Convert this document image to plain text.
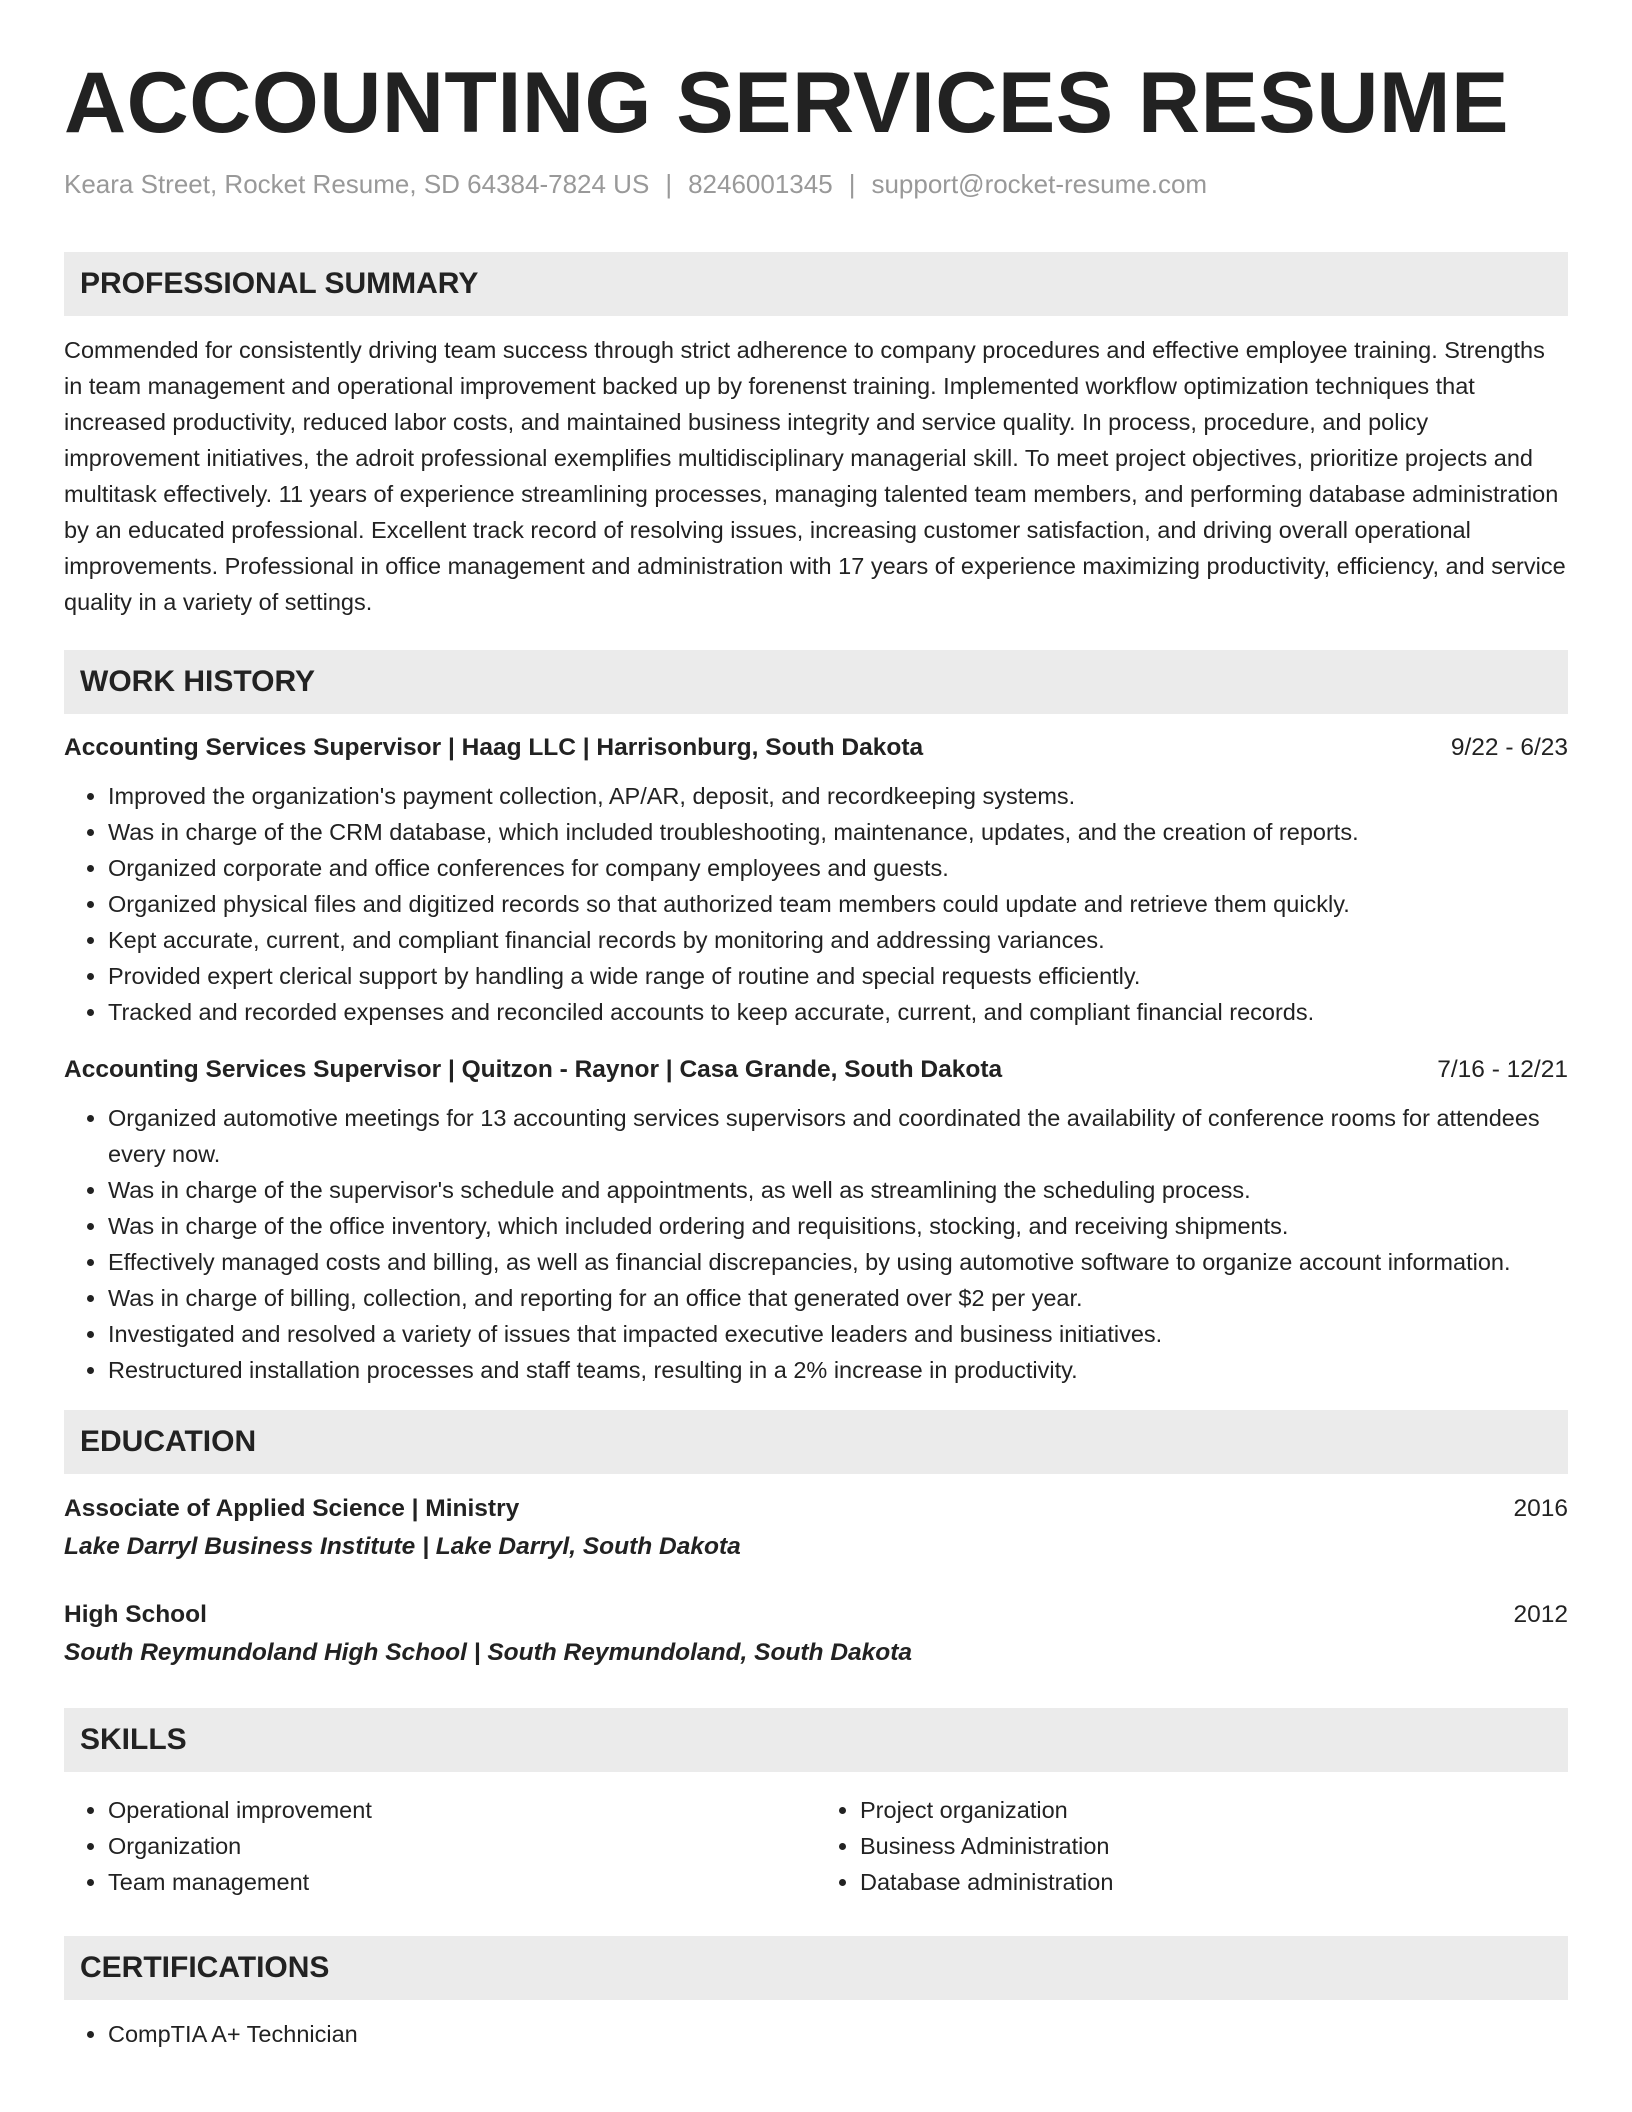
ACCOUNTING SERVICES RESUME
Keara Street, Rocket Resume, SD 64384-7824 US | 8246001345 | support@rocket-resume.com
PROFESSIONAL SUMMARY

Commended for consistently driving team success through strict adherence to company procedures and effective employee training. Strengths in team management and operational improvement backed up by forenenst training. Implemented workflow optimization techniques that increased productivity, reduced labor costs, and maintained business integrity and service quality. In process, procedure, and policy improvement initiatives, the adroit professional exemplifies multidisciplinary managerial skill. To meet project objectives, prioritize projects and multitask effectively. 11 years of experience streamlining processes, managing talented team members, and performing database administration by an educated professional. Excellent track record of resolving issues, increasing customer satisfaction, and driving overall operational improvements. Professional in office management and administration with 17 years of experience maximizing productivity, efficiency, and service quality in a variety of settings.

WORK HISTORY
Accounting Services Supervisor | Haag LLC | Harrisonburg, South Dakota	9/22 - 6/23
• Improved the organization's payment collection, AP/AR, deposit, and recordkeeping systems.
• Was in charge of the CRM database, which included troubleshooting, maintenance, updates, and the creation of reports.
• Organized corporate and office conferences for company employees and guests.
• Organized physical files and digitized records so that authorized team members could update and retrieve them quickly.
• Kept accurate, current, and compliant financial records by monitoring and addressing variances.
• Provided expert clerical support by handling a wide range of routine and special requests efficiently.
• Tracked and recorded expenses and reconciled accounts to keep accurate, current, and compliant financial records.
Accounting Services Supervisor | Quitzon - Raynor | Casa Grande, South Dakota	7/16 - 12/21
• Organized automotive meetings for 13 accounting services supervisors and coordinated the availability of conference rooms for attendees every now.
• Was in charge of the supervisor's schedule and appointments, as well as streamlining the scheduling process.
• Was in charge of the office inventory, which included ordering and requisitions, stocking, and receiving shipments.
• Effectively managed costs and billing, as well as financial discrepancies, by using automotive software to organize account information.
• Was in charge of billing, collection, and reporting for an office that generated over $2 per year.
• Investigated and resolved a variety of issues that impacted executive leaders and business initiatives.
• Restructured installation processes and staff teams, resulting in a 2% increase in productivity.
EDUCATION
Associate of Applied Science | Ministry	2016
Lake Darryl Business Institute | Lake Darryl, South Dakota
High School	2012
South Reymundoland High School | South Reymundoland, South Dakota
SKILLS
• Operational improvement
• Organization
• Team management
• Project organization
• Business Administration
• Database administration
CERTIFICATIONS
• CompTIA A+ Technician
